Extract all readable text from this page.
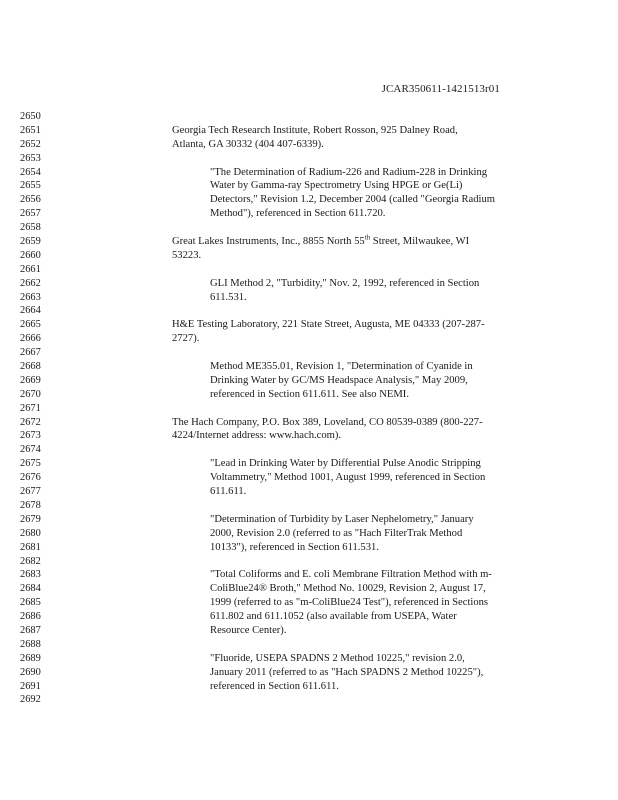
JCAR350611-1421513r01
2650
2651	Georgia Tech Research Institute, Robert Rosson, 925 Dalney Road,
2652	Atlanta, GA 30332 (404 407-6339).
2653
2654	"The Determination of Radium-226 and Radium-228 in Drinking
2655	Water by Gamma-ray Spectrometry Using HPGE or Ge(Li)
2656	Detectors," Revision 1.2, December 2004 (called "Georgia Radium
2657	Method"), referenced in Section 611.720.
2658
2659	Great Lakes Instruments, Inc., 8855 North 55th Street, Milwaukee, WI
2660	53223.
2661
2662	GLI Method 2, "Turbidity," Nov. 2, 1992, referenced in Section
2663	611.531.
2664
2665	H&E Testing Laboratory, 221 State Street, Augusta, ME 04333 (207-287-
2666	2727).
2667
2668	Method ME355.01, Revision 1, "Determination of Cyanide in
2669	Drinking Water by GC/MS Headspace Analysis," May 2009,
2670	referenced in Section 611.611. See also NEMI.
2671
2672	The Hach Company, P.O. Box 389, Loveland, CO 80539-0389 (800-227-
2673	4224/Internet address: www.hach.com).
2674
2675	"Lead in Drinking Water by Differential Pulse Anodic Stripping
2676	Voltammetry," Method 1001, August 1999, referenced in Section
2677	611.611.
2678
2679	"Determination of Turbidity by Laser Nephelometry," January
2680	2000, Revision 2.0 (referred to as "Hach FilterTrak Method
2681	10133"), referenced in Section 611.531.
2682
2683	"Total Coliforms and E. coli Membrane Filtration Method with m-
2684	ColiBlue24® Broth," Method No. 10029, Revision 2, August 17,
2685	1999 (referred to as "m-ColiBlue24 Test"), referenced in Sections
2686	611.802 and 611.1052 (also available from USEPA, Water
2687	Resource Center).
2688
2689	"Fluoride, USEPA SPADNS 2 Method 10225," revision 2.0,
2690	January 2011 (referred to as "Hach SPADNS 2 Method 10225"),
2691	referenced in Section 611.611.
2692
